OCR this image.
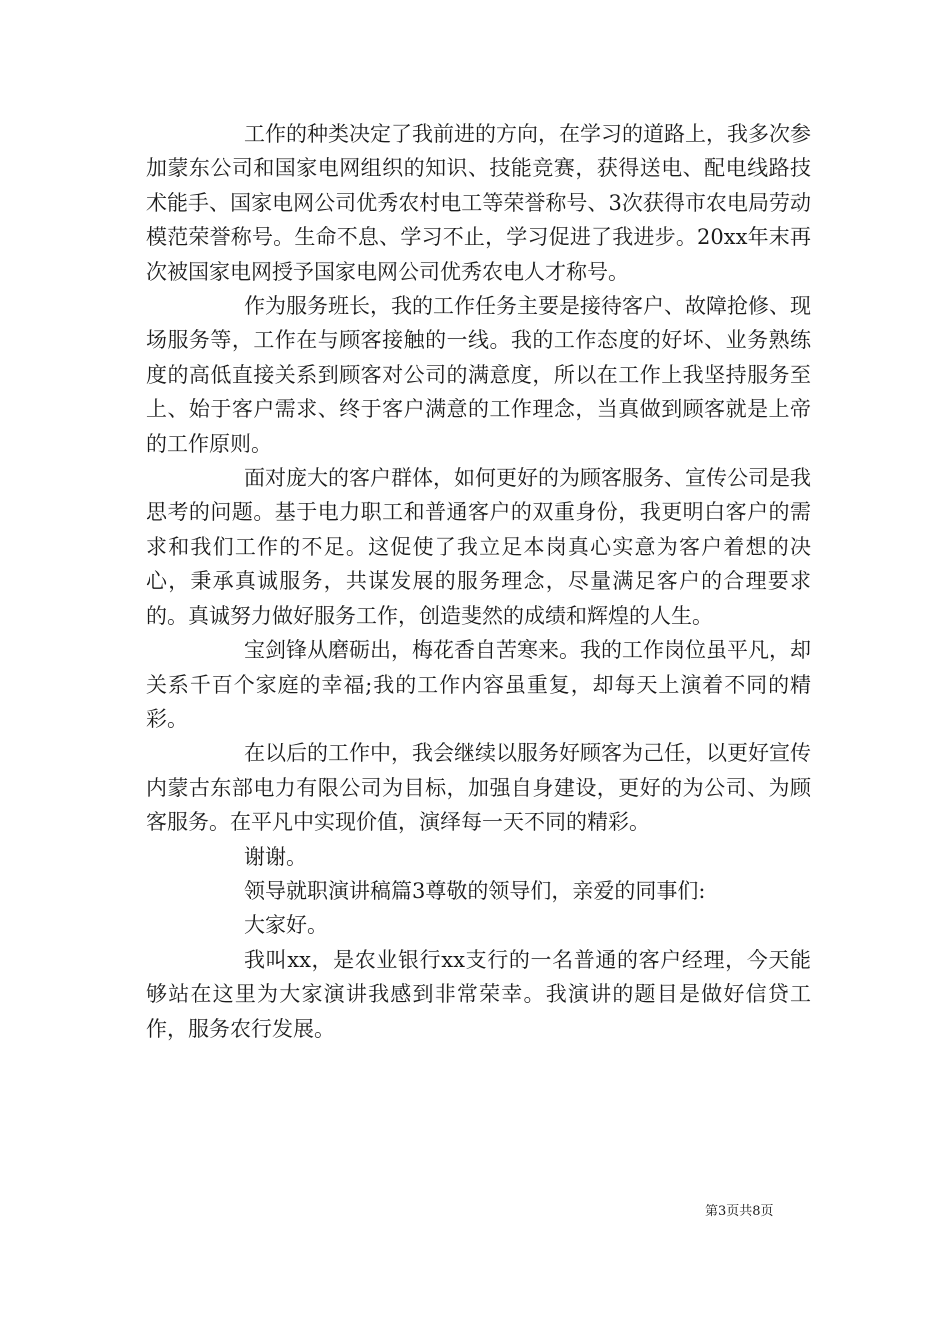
工作的种类决定了我前进的方向，在学习的道路上，我多次参加蒙东公司和国家电网组织的知识、技能竞赛，获得送电、配电线路技术能手、国家电网公司优秀农村电工等荣誉称号、3次获得市农电局劳动模范荣誉称号。生命不息、学习不止，学习促进了我进步。20xx年末再次被国家电网授予国家电网公司优秀农电人才称号。

作为服务班长，我的工作任务主要是接待客户、故障抢修、现场服务等，工作在与顾客接触的一线。我的工作态度的好坏、业务熟练度的高低直接关系到顾客对公司的满意度，所以在工作上我坚持服务至上、始于客户需求、终于客户满意的工作理念，当真做到顾客就是上帝的工作原则。

面对庞大的客户群体，如何更好的为顾客服务、宣传公司是我思考的问题。基于电力职工和普通客户的双重身份，我更明白客户的需求和我们工作的不足。这促使了我立足本岗真心实意为客户着想的决心，秉承真诚服务，共谋发展的服务理念，尽量满足客户的合理要求的。真诚努力做好服务工作，创造斐然的成绩和辉煌的人生。

宝剑锋从磨砺出，梅花香自苦寒来。我的工作岗位虽平凡，却关系千百个家庭的幸福;我的工作内容虽重复，却每天上演着不同的精彩。

在以后的工作中，我会继续以服务好顾客为己任，以更好宣传内蒙古东部电力有限公司为目标，加强自身建设，更好的为公司、为顾客服务。在平凡中实现价值，演绎每一天不同的精彩。

谢谢。

领导就职演讲稿篇3尊敬的领导们，亲爱的同事们:

大家好。

我叫xx，是农业银行xx支行的一名普通的客户经理，今天能够站在这里为大家演讲我感到非常荣幸。我演讲的题目是做好信贷工作，服务农行发展。

第3页共8页
